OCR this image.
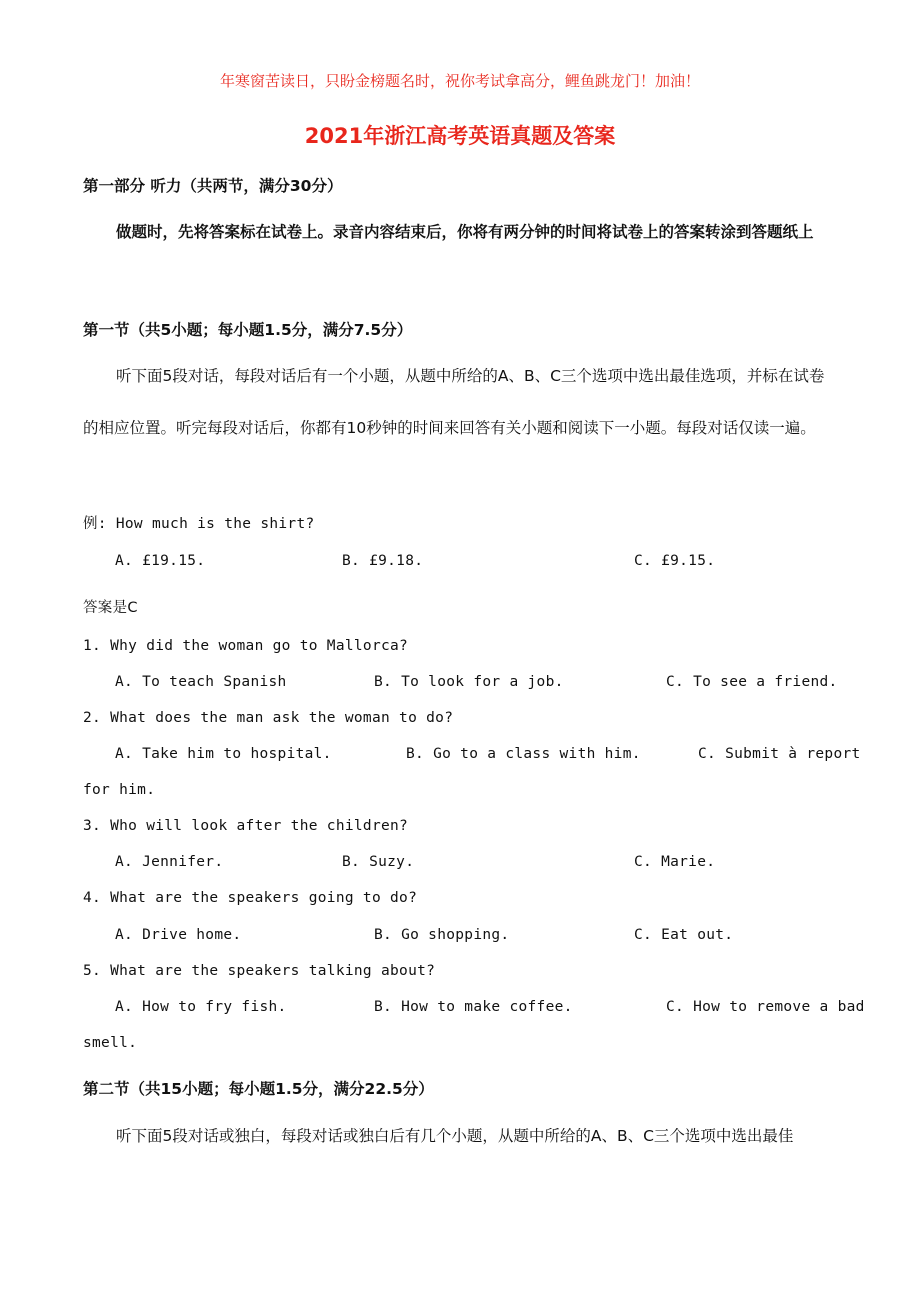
年寒窗苦读日，只盼金榜题名时，祝你考试拿高分，鲤鱼跳龙门！加油！
2021年浙江高考英语真题及答案
第一部分 听力（共两节，满分30分）
做题时，先将答案标在试卷上。录音内容结束后，你将有两分钟的时间将试卷上的答案转涂到答题纸上
第一节（共5小题；每小题1.5分，满分7.5分）
听下面5段对话，每段对话后有一个小题，从题中所给的A、B、C三个选项中选出最佳选项，并标在试卷的相应位置。听完每段对话后，你都有10秒钟的时间来回答有关小题和阅读下一小题。每段对话仅读一遍。
例: How much is the shirt?
A. £19.15.	B. £9.18.	C. £9.15.
答案是C
1. Why did the woman go to Mallorca?
A. To teach Spanish	B. To look for a job.	C. To see a friend.
2. What does the man ask the woman to do?
A. Take him to hospital.	B. Go to a class with him.	C. Submit à report
for him.
3. Who will look after the children?
A. Jennifer.	B. Suzy.	C. Marie.
4. What are the speakers going to do?
A. Drive home.	B. Go shopping.	C. Eat out.
5. What are the speakers talking about?
A. How to fry fish.	B. How to make coffee.	C. How to remove a bad
smell.
第二节（共15小题；每小题1.5分，满分22.5分）
听下面5段对话或独白，每段对话或独白后有几个小题，从题中所给的A、B、C三个选项中选出最佳
